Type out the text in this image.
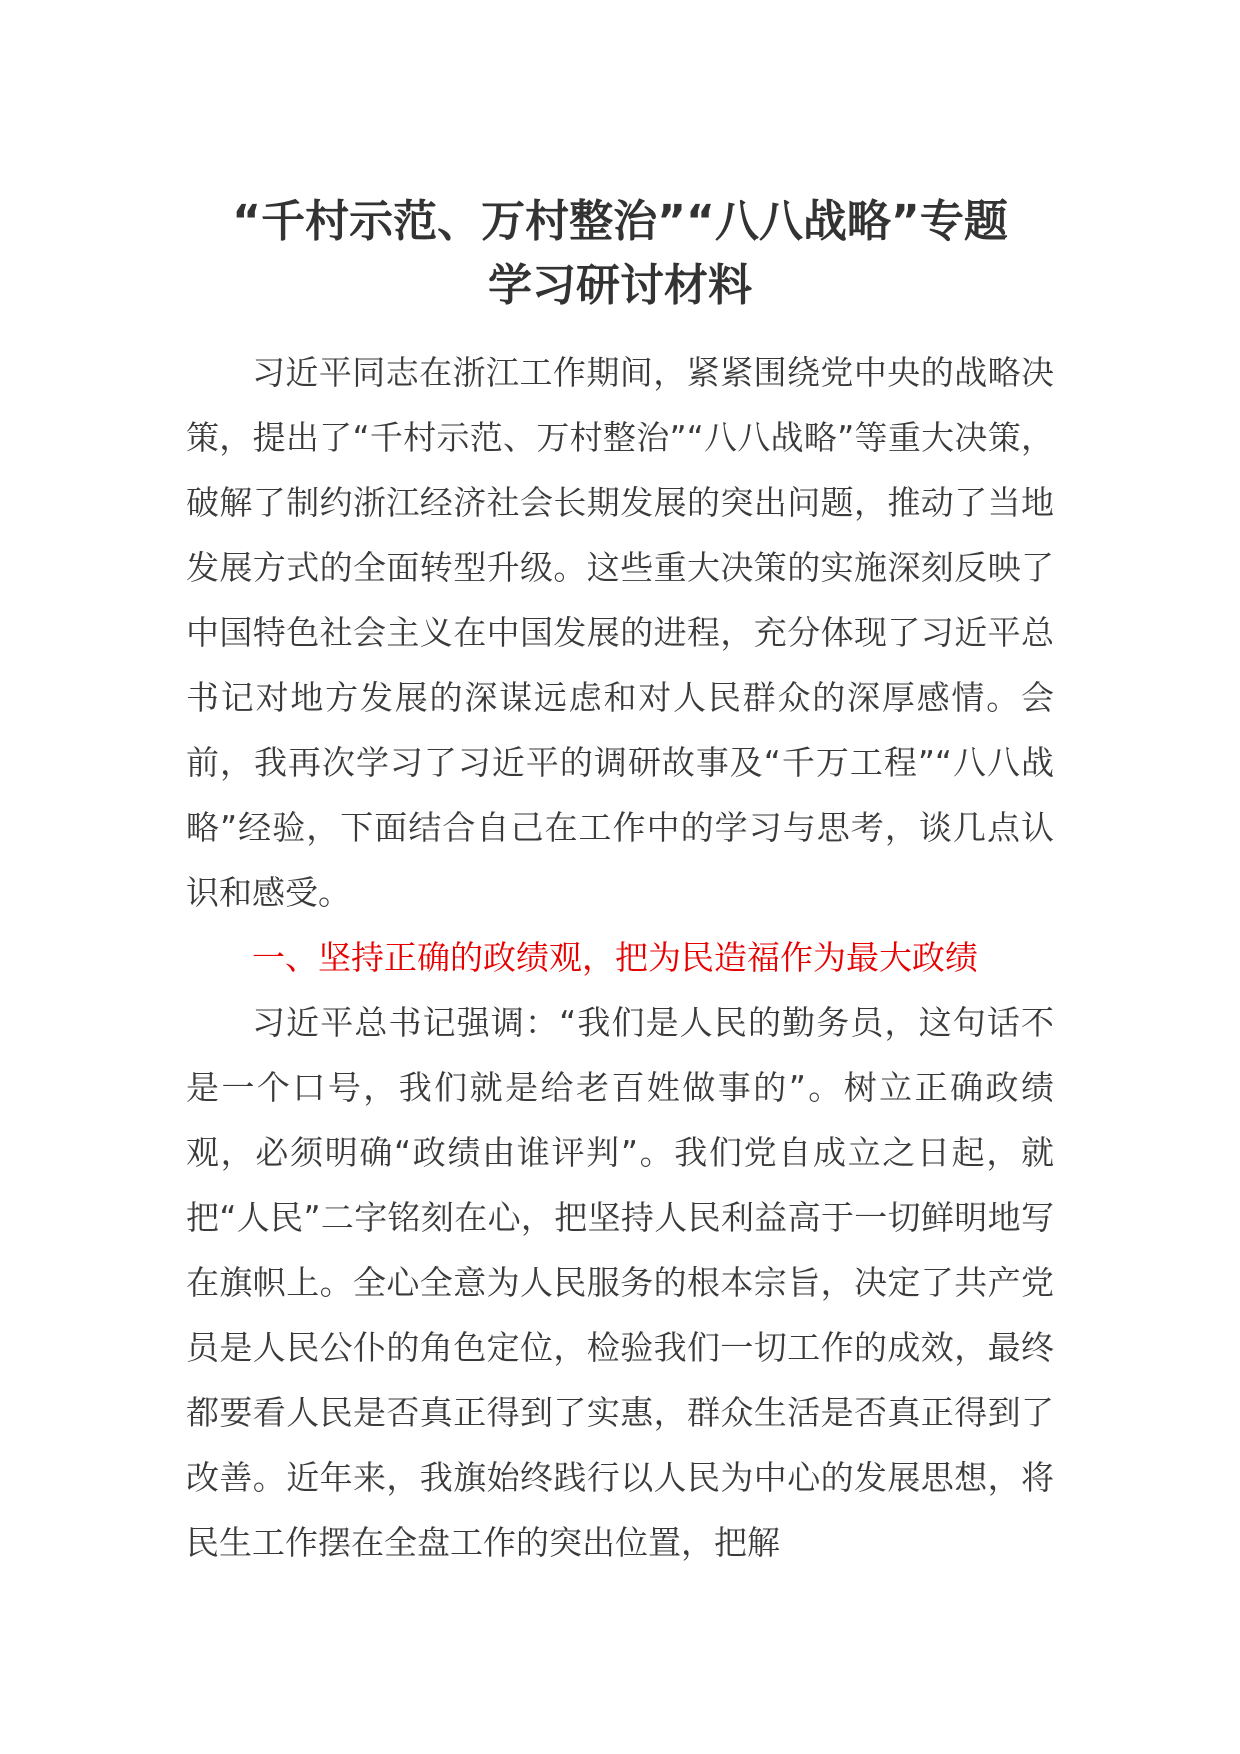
“千村示范、万村整治”“八八战略”专题
学习研讨材料

习近平同志在浙江工作期间，紧紧围绕党中央的战略决策，提出了“千村示范、万村整治”“八八战略”等重大决策，破解了制约浙江经济社会长期发展的突出问题，推动了当地发展方式的全面转型升级。这些重大决策的实施深刻反映了中国特色社会主义在中国发展的进程，充分体现了习近平总书记对地方发展的深谋远虑和对人民群众的深厚感情。会前，我再次学习了习近平的调研故事及“千万工程”“八八战略”经验，下面结合自己在工作中的学习与思考，谈几点认识和感受。

一、坚持正确的政绩观，把为民造福作为最大政绩

习近平总书记强调：“我们是人民的勤务员，这句话不是一个口号，我们就是给老百姓做事的”。树立正确政绩观，必须明确“政绩由谁评判”。我们党自成立之日起，就把“人民”二字铭刻在心，把坚持人民利益高于一切鲜明地写在旗帜上。全心全意为人民服务的根本宗旨，决定了共产党员是人民公仆的角色定位，检验我们一切工作的成效，最终都要看人民是否真正得到了实惠，群众生活是否真正得到了改善。近年来，我旗始终践行以人民为中心的发展思想，将民生工作摆在全盘工作的突出位置，把解
